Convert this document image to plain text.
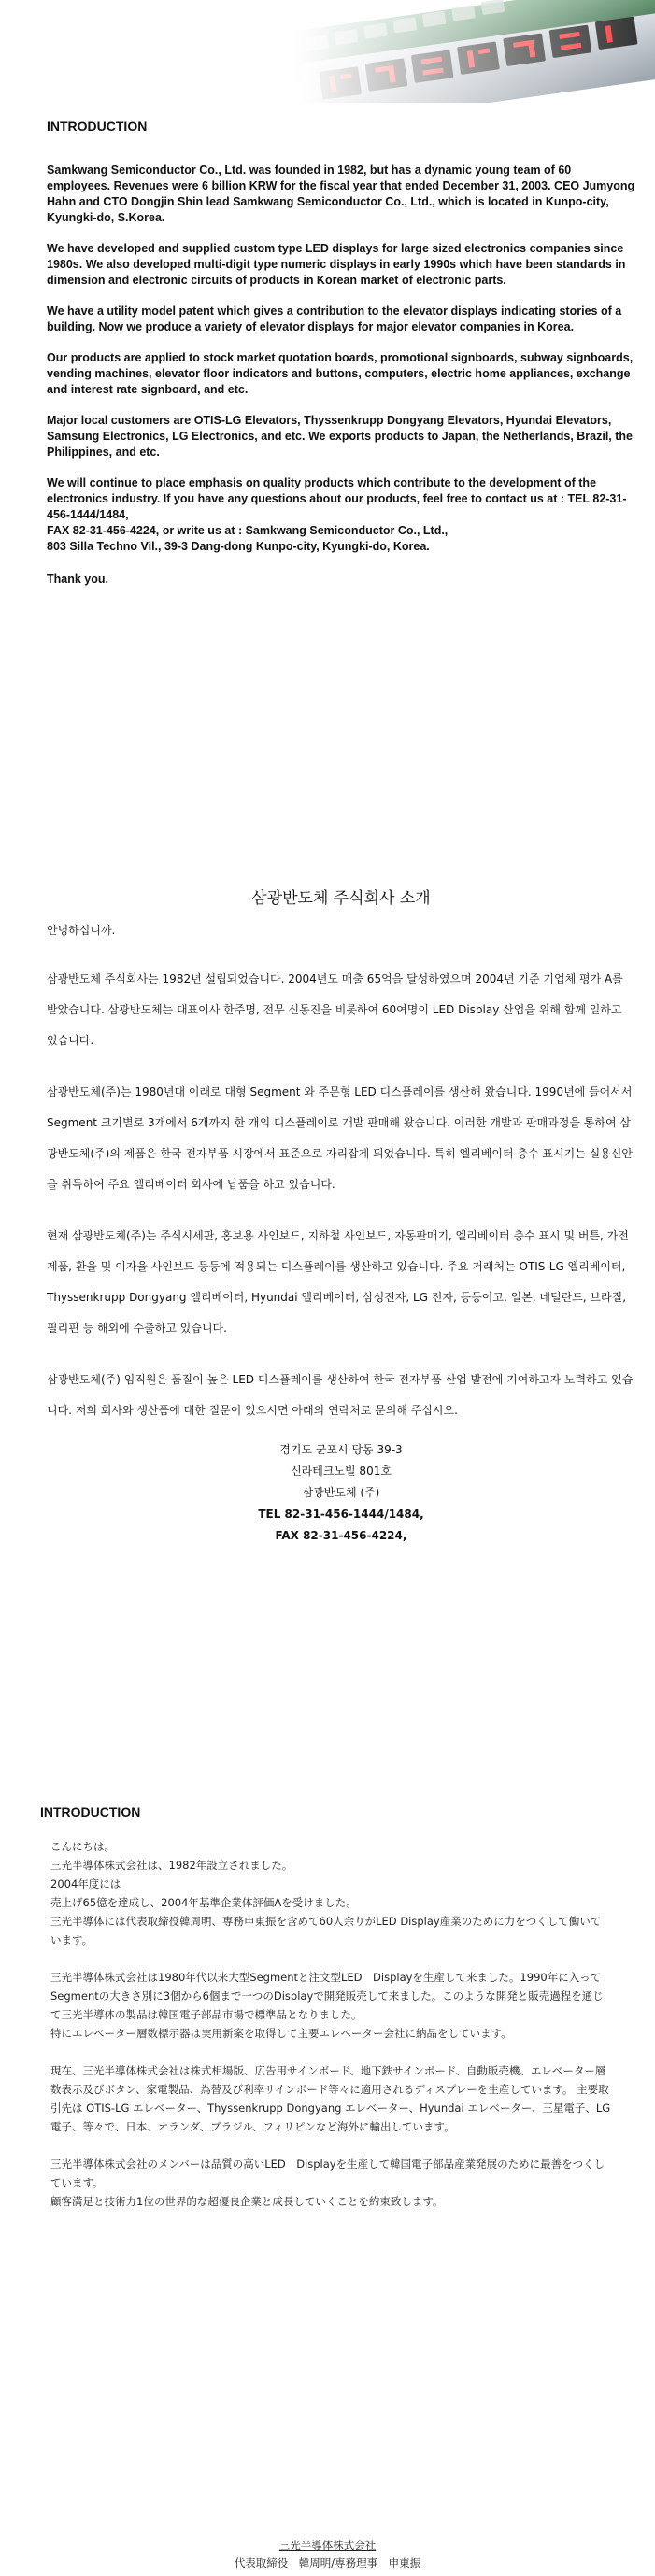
INTRODUCTION

Samkwang Semiconductor Co., Ltd. was founded in 1982, but has a dynamic young team of 60 employees. Revenues were 6 billion KRW for the fiscal year that ended December 31, 2003. CEO Jumyong Hahn and CTO Dongjin Shin lead Samkwang Semiconductor Co., Ltd., which is located in Kunpo-city, Kyungki-do, S.Korea.

We have developed and supplied custom type LED displays for large sized electronics companies since 1980s. We also developed multi-digit type numeric displays in early 1990s which have been standards in dimension and electronic circuits of products in Korean market of electronic parts.

We have a utility model patent which gives a contribution to the elevator displays indicating stories of a building. Now we produce a variety of elevator displays for major elevator companies in Korea.

Our products are applied to stock market quotation boards, promotional signboards, subway signboards, vending machines, elevator floor indicators and buttons, computers, electric home appliances, exchange and interest rate signboard, and etc.

Major local customers are OTIS-LG Elevators, Thyssenkrupp Dongyang Elevators, Hyundai Elevators, Samsung Electronics, LG Electronics, and etc. We exports products to Japan, the Netherlands, Brazil, the Philippines, and etc.

We will continue to place emphasis on quality products which contribute to the development of the electronics industry. If you have any questions about our products, feel free to contact us at : TEL 82-31-456-1444/1484,
FAX 82-31-456-4224, or write us at : Samkwang Semiconductor Co., Ltd.,
803 Silla Techno Vil., 39-3 Dang-dong Kunpo-city, Kyungki-do, Korea.

Thank you.

삼광반도체 주식회사 소개

안녕하십니까.

삼광반도체 주식회사는 1982년 설립되었습니다. 2004년도 매출 65억을 달성하였으며 2004년 기준 기업체 평가 A를 받았습니다. 삼광반도체는 대표이사 한주명, 전무 신동진을 비롯하여 60여명이 LED Display 산업을 위해 함께 일하고 있습니다.

삼광반도체(주)는 1980년대 이래로 대형 Segment 와 주문형 LED 디스플레이를 생산해 왔습니다. 1990년에 들어서서 Segment 크기별로 3개에서 6개까지 한 개의 디스플레이로 개발 판매해 왔습니다. 이러한 개발과 판매과정을 통하여 삼광반도체(주)의 제품은 한국 전자부품 시장에서 표준으로 자리잡게 되었습니다. 특히 엘리베이터 층수 표시기는 실용신안을 취득하여 주요 엘리베이터 회사에 납품을 하고 있습니다.

현재 삼광반도체(주)는 주식시세판, 홍보용 사인보드, 지하철 사인보드, 자동판매기, 엘리베이터 층수 표시 및 버튼, 가전제품, 환율 및 이자율 사인보드 등등에 적용되는 디스플레이를 생산하고 있습니다. 주요 거래처는 OTIS-LG 엘리베이터, Thyssenkrupp Dongyang 엘리베이터, Hyundai 엘리베이터, 삼성전자, LG 전자, 등등이고, 일본, 네덜란드, 브라질, 필리핀 등 해외에 수출하고 있습니다.

삼광반도체(주) 임직원은 품질이 높은 LED 디스플레이를 생산하여 한국 전자부품 산업 발전에 기여하고자 노력하고 있습니다. 저희 회사와 생산품에 대한 질문이 있으시면 아래의 연락처로 문의해 주십시오.

경기도 군포시 당동 39-3
신라테크노빌 801호
삼광반도체 (주)
TEL 82-31-456-1444/1484,
FAX 82-31-456-4224,
INTRODUCTION

こんにちは。
三光半導体株式会社は、1982年設立されました。
2004年度には
売上げ65億を達成し、2004年基準企業体評価Aを受けました。
三光半導体には代表取締役韓周明、専務申東振を含めて60人余りがLED Display産業のために力をつくして働いています。

三光半導体株式会社は1980年代以来大型Segmentと注文型LED　Displayを生産して来ました。1990年に入ってSegmentの大きさ別に3個から6個まで一つのDisplayで開発販売して来ました。このような開発と販売過程を通じて三光半導体の製品は韓国電子部品市場で標準品となりました。
特にエレベーター層数標示器は実用新案を取得して主要エレベーター会社に納品をしています。

現在、三光半導体株式会社は株式相場版、広告用サインボード、地下鉄サインボード、自動販売機、エレベーター層数表示及びボタン、家電製品、為替及び利率サインボード等々に適用されるディスプレーを生産しています。 主要取引先は OTIS-LG エレベーター、Thyssenkrupp Dongyang エレベーター、Hyundai エレベーター、三星電子、LG 電子、等々で、日本、オランダ、ブラジル、フィリピンなど海外に輸出しています。

三光半導体株式会社のメンバーは品質の高いLED　Displayを生産して韓国電子部品産業発展のために最善をつくしています。
顧客満足と技術力1位の世界的な超優良企業と成長していくことを約束致します。

三光半導体株式会社
代表取締役　韓周明/専務理事　申東振
